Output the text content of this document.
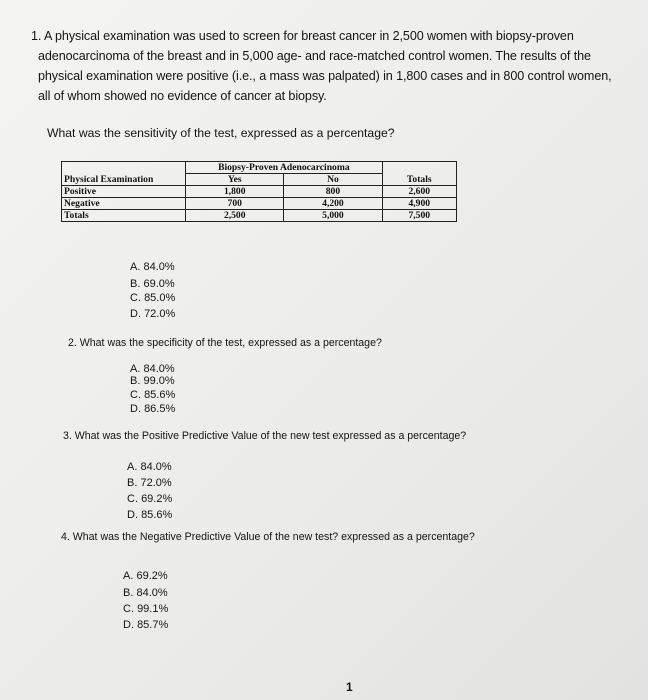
1. A physical examination was used to screen for breast cancer in 2,500 women with biopsy-proven
adenocarcinoma of the breast and in 5,000 age- and race-matched control women. The results of the
physical examination were positive (i.e., a mass was palpated) in 1,800 cases and in 800 control women,
all of whom showed no evidence of cancer at biopsy.
What was the sensitivity of the test, expressed as a percentage?
	Biopsy-Proven Adenocarcinoma		
Physical Examination	Yes	No	Totals
Positive	1,800	800	2,600
Negative	700	4,200	4,900
Totals	2,500	5,000	7,500
A. 84.0%
B. 69.0%
C. 85.0%
D. 72.0%
2. What was the specificity of the test, expressed as a percentage?
A. 84.0%
B. 99.0%
C. 85.6%
D. 86.5%
3. What was the Positive Predictive Value of the new test expressed as a percentage?
A. 84.0%
B. 72.0%
C. 69.2%
D. 85.6%
4. What was the Negative Predictive Value of the new test? expressed as a percentage?
A. 69.2%
B. 84.0%
C. 99.1%
D. 85.7%
1
